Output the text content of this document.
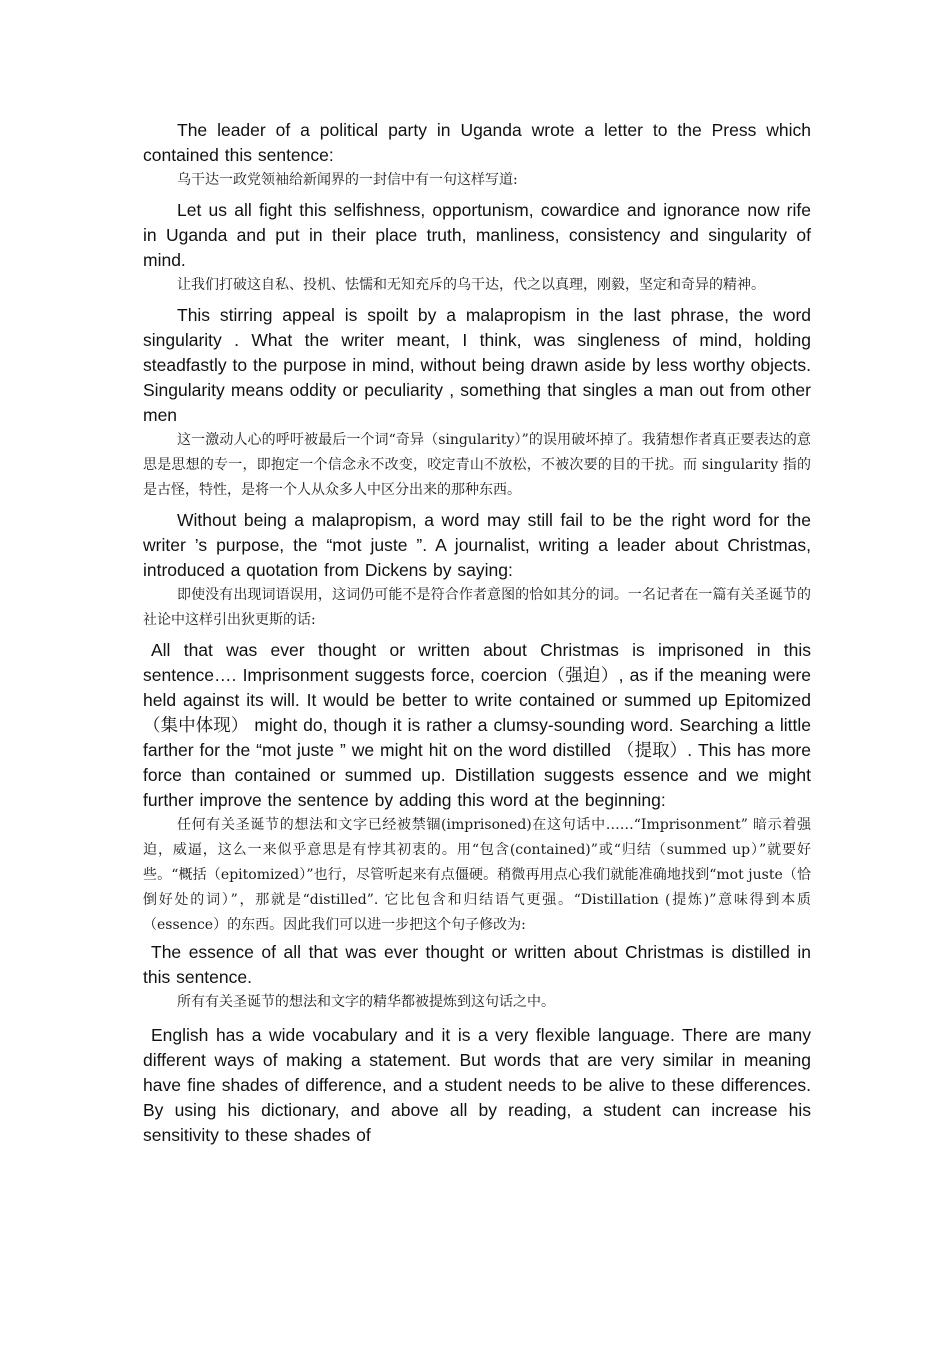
The leader of a political party in Uganda wrote a letter to the Press which contained this sentence:

乌干达一政党领袖给新闻界的一封信中有一句这样写道:

Let us all fight this selfishness, opportunism, cowardice and ignorance now rife in Uganda and put in their place truth, manliness, consistency and singularity of mind.

让我们打破这自私、投机、怯懦和无知充斥的乌干达，代之以真理，刚毅，坚定和奇异的精神。

This stirring appeal is spoilt by a malapropism in the last phrase, the word singularity . What the writer meant, I think, was singleness of mind, holding steadfastly to the purpose in mind, without being drawn aside by less worthy objects. Singularity means oddity or peculiarity , something that singles a man out from other men

这一激动人心的呼吁被最后一个词“奇异（singularity）”的误用破坏掉了。我猜想作者真正要表达的意思是思想的专一，即抱定一个信念永不改变，咬定青山不放松，不被次要的目的干扰。而 singularity 指的是古怪，特性，是将一个人从众多人中区分出来的那种东西。

Without being a malapropism, a word may still fail to be the right word for the writer ’s purpose, the “mot juste ”. A journalist, writing a leader about Christmas, introduced a quotation from Dickens by saying:

即使没有出现词语误用，这词仍可能不是符合作者意图的恰如其分的词。一名记者在一篇有关圣诞节的社论中这样引出狄更斯的话:

All that was ever thought or written about Christmas is imprisoned in this sentence…. Imprisonment suggests force, coercion（强迫）, as if the meaning were held against its will. It would be better to write contained or summed up Epitomized （集中体现） might do, though it is rather a clumsy-sounding word. Searching a little farther for the “mot juste ” we might hit on the word distilled （提取）. This has more force than contained or summed up. Distillation suggests essence and we might further improve the sentence by adding this word at the beginning:

任何有关圣诞节的想法和文字已经被禁锢(imprisoned)在这句话中……“Imprisonment” 暗示着强迫，威逼，这么一来似乎意思是有悖其初衷的。用“包含(contained)”或“归结（summed up）”就要好些。“概括（epitomized）”也行，尽管听起来有点僵硬。稍微再用点心我们就能准确地找到“mot juste（恰倒好处的词）”，那就是“distilled”. 它比包含和归结语气更强。“Distillation (提炼)”意味得到本质（essence）的东西。因此我们可以进一步把这个句子修改为:

The essence of all that was ever thought or written about Christmas is distilled in this sentence.

所有有关圣诞节的想法和文字的精华都被提炼到这句话之中。

English has a wide vocabulary and it is a very flexible language. There are many different ways of making a statement. But words that are very similar in meaning have fine shades of difference, and a student needs to be alive to these differences. By using his dictionary, and above all by reading, a student can increase his sensitivity to these shades of
